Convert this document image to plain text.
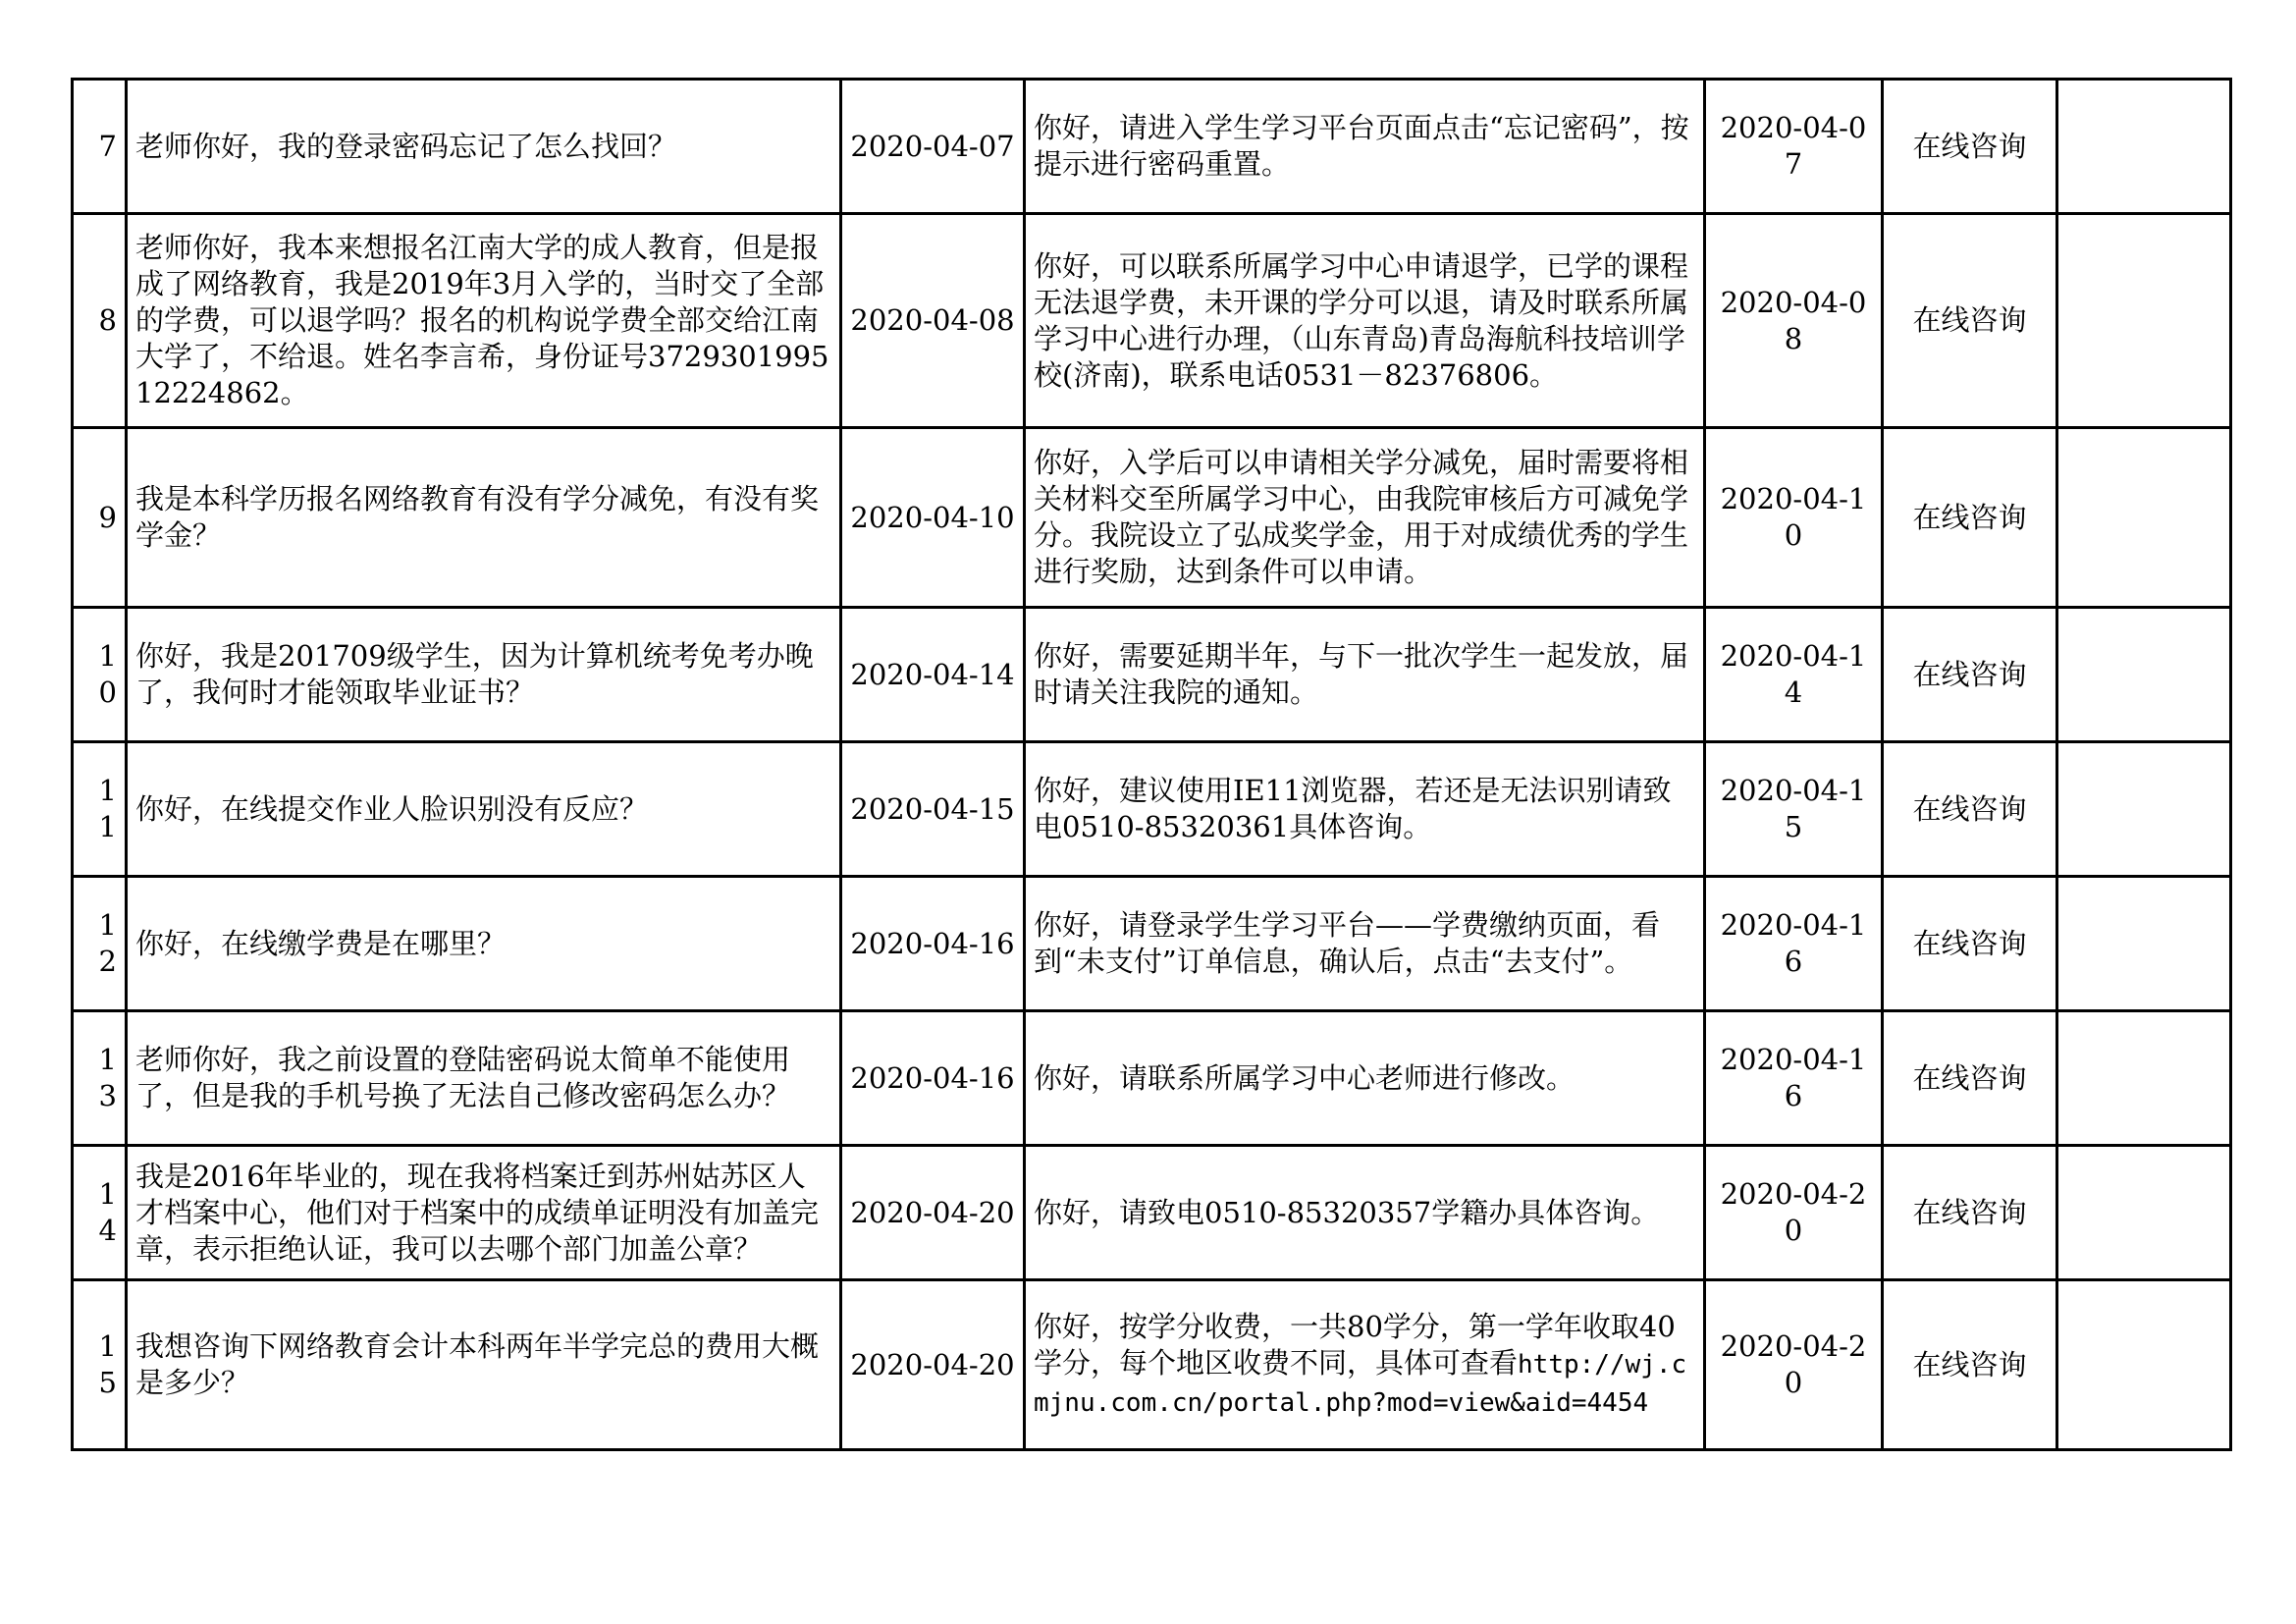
7	老师你好，我的登录密码忘记了怎么找回？	2020-04-07	你好，请进入学生学习平台页面点击“忘记密码”，按提示进行密码重置。	2020-04-07	在线咨询	
8	老师你好，我本来想报名江南大学的成人教育，但是报成了网络教育，我是2019年3月入学的，当时交了全部的学费，可以退学吗？报名的机构说学费全部交给江南大学了，不给退。姓名李言希，身份证号372930199512224862。	2020-04-08	你好，可以联系所属学习中心申请退学，已学的课程无法退学费，未开课的学分可以退，请及时联系所属学习中心进行办理，（山东青岛)青岛海航科技培训学校(济南)，联系电话0531－82376806。	2020-04-08	在线咨询	
9	我是本科学历报名网络教育有没有学分减免，有没有奖学金？	2020-04-10	你好，入学后可以申请相关学分减免，届时需要将相关材料交至所属学习中心，由我院审核后方可减免学分。我院设立了弘成奖学金，用于对成绩优秀的学生进行奖励，达到条件可以申请。	2020-04-10	在线咨询	
10	你好，我是201709级学生，因为计算机统考免考办晚了，我何时才能领取毕业证书？	2020-04-14	你好，需要延期半年，与下一批次学生一起发放，届时请关注我院的通知。	2020-04-14	在线咨询	
11	你好，在线提交作业人脸识别没有反应？	2020-04-15	你好，建议使用IE11浏览器，若还是无法识别请致电0510-85320361具体咨询。	2020-04-15	在线咨询	
12	你好，在线缴学费是在哪里？	2020-04-16	你好，请登录学生学习平台——学费缴纳页面，看到“未支付”订单信息，确认后，点击“去支付”。	2020-04-16	在线咨询	
13	老师你好，我之前设置的登陆密码说太简单不能使用了，但是我的手机号换了无法自己修改密码怎么办？	2020-04-16	你好，请联系所属学习中心老师进行修改。	2020-04-16	在线咨询	
14	我是2016年毕业的，现在我将档案迁到苏州姑苏区人才档案中心，他们对于档案中的成绩单证明没有加盖完章，表示拒绝认证，我可以去哪个部门加盖公章？	2020-04-20	你好，请致电0510-85320357学籍办具体咨询。	2020-04-20	在线咨询	
15	我想咨询下网络教育会计本科两年半学完总的费用大概是多少？	2020-04-20	你好，按学分收费，一共80学分，第一学年收取40学分，每个地区收费不同，具体可查看http://wj.cmjnu.com.cn/portal.php?mod=view&aid=4454	2020-04-20	在线咨询	
